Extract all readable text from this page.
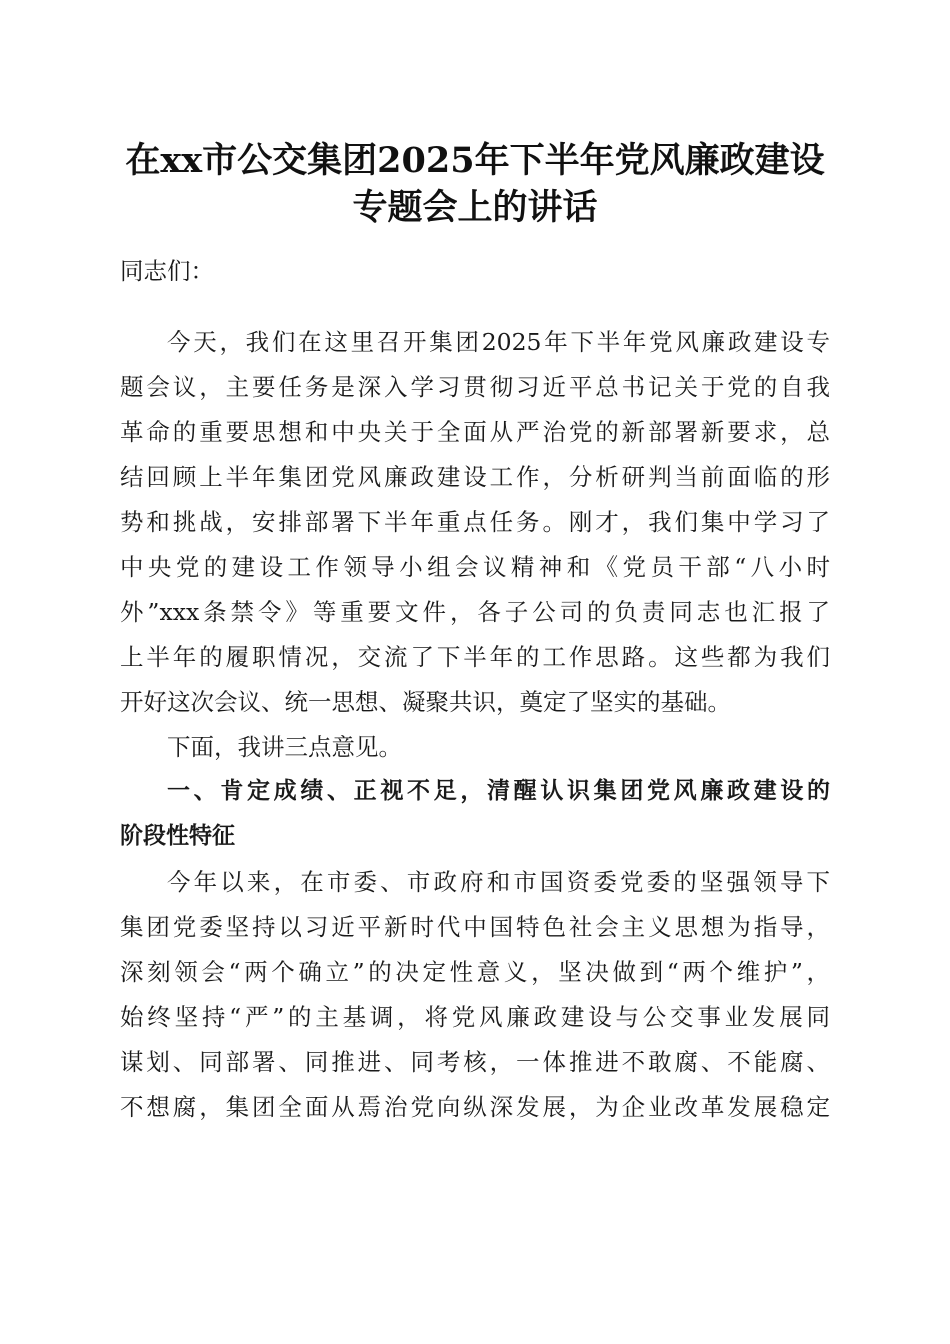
在xx市公交集团2025年下半年党风廉政建设
专题会上的讲话
同志们：
今天，我们在这里召开集团2025年下半年党风廉政建设专
题会议，主要任务是深入学习贯彻习近平总书记关于党的自我
革命的重要思想和中央关于全面从严治党的新部署新要求，总
结回顾上半年集团党风廉政建设工作，分析研判当前面临的形
势和挑战，安排部署下半年重点任务。刚才，我们集中学习了
中央党的建设工作领导小组会议精神和《党员干部“八小时
外”xxx条禁令》等重要文件，各子公司的负责同志也汇报了
上半年的履职情况，交流了下半年的工作思路。这些都为我们
开好这次会议、统一思想、凝聚共识，奠定了坚实的基础。
下面，我讲三点意见。
一、肯定成绩、正视不足，清醒认识集团党风廉政建设的
阶段性特征
今年以来，在市委、市政府和市国资委党委的坚强领导下
集团党委坚持以习近平新时代中国特色社会主义思想为指导，
深刻领会“两个确立”的决定性意义，坚决做到“两个维护”，
始终坚持“严”的主基调，将党风廉政建设与公交事业发展同
谋划、同部署、同推进、同考核，一体推进不敢腐、不能腐、
不想腐，集团全面从焉治党向纵深发展，为企业改革发展稳定
